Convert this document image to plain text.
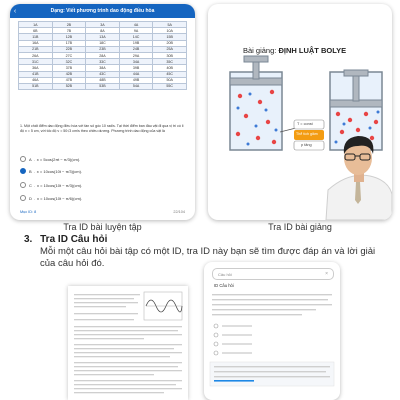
‹	Dạng: Viết phương trình dao động điều hòa
1A	2B	3A	4A	5A
6B	7B	8A	9A	10A
11B	12B	13A	14C	15B
16A	17B	18C	19B	20B
21B	22B	23B	24B	25A
26A	27C	28A	29A	30B
31C	32C	33C	34A	35C
36A	37B	38A	39B	40B
41B	42B	43C	44A	45C
46A	47B	48B	49B	50A
51B	52B	53B	54A	55C
1. Một chất điểm dao động điều hòa với tần số góc 10 rad/s. Tại thời điểm ban đầu vật đi qua vị trí có li độ x = 5 cm, với tốc độ v = 50√3 cm/s theo chiều dương. Phương trình dao động của vật là
A . x = 5cos(2πt − π/3)(cm).
B . x = 10cos(10t − π/3)(cm).
C . x = 10cos(10t − π/3)(cm).
D . x = 10cos(10t − π/6)(cm).
Mục ID: 8	22/104
Bài giảng: ĐỊNH LUẬT BOLYE
T = const
Thể tích giảm
p tăng
Tra ID bài luyện tập	Tra ID bài giảng
3. Tra ID Câu hỏi
Mỗi một câu hỏi bài tập có một ID, tra ID này bạn sẽ tìm được đáp án và lời giải của câu hỏi đó.
Câu hỏi	×
ID Câu hỏi
